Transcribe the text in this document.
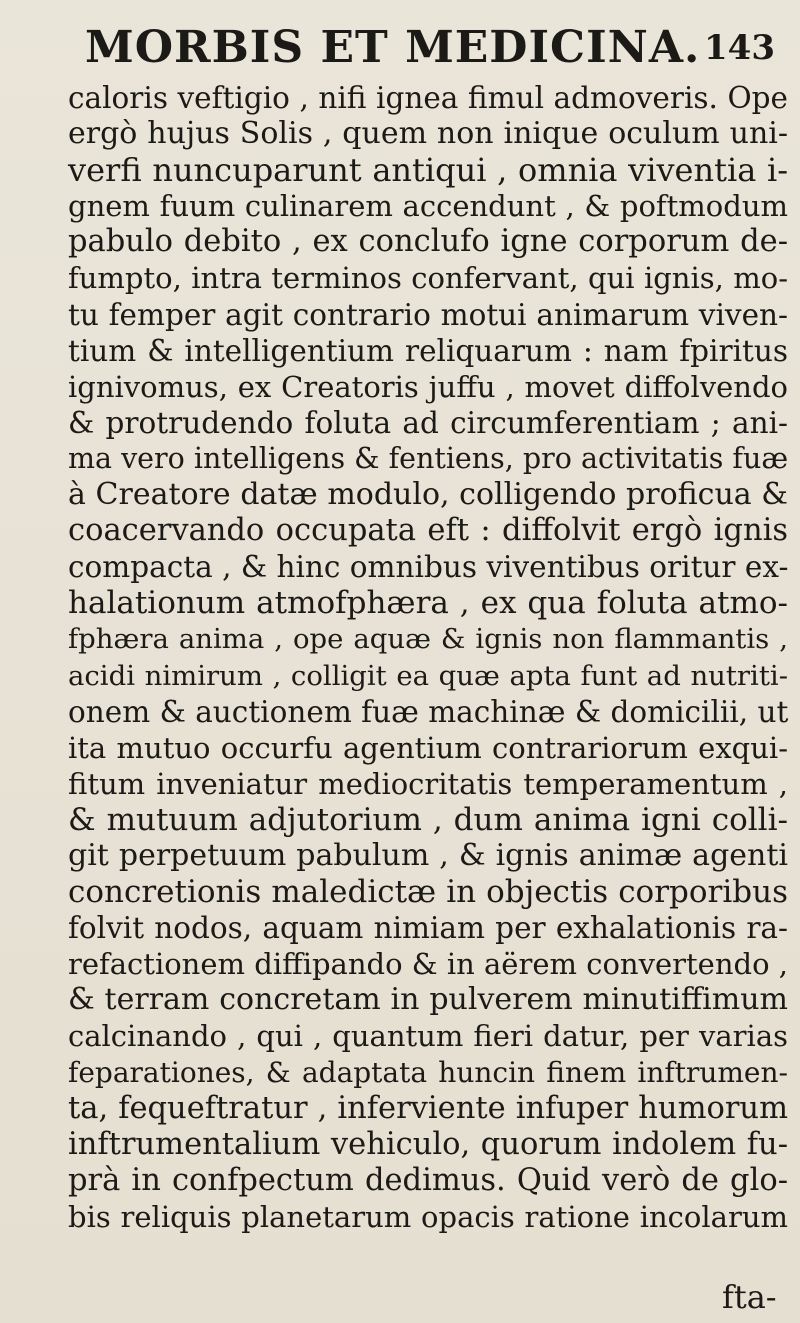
MORBIS ET MEDICINA. 143
caloris veftigio , nifi ignea fimul admoveris. Ope
ergò hujus Solis , quem non inique oculum uni-
verfi nuncuparunt antiqui , omnia viventia i-
gnem fuum culinarem accendunt , & poftmodum
pabulo debito , ex conclufo igne corporum de-
fumpto, intra terminos confervant, qui ignis, mo-
tu femper agit contrario motui animarum viven-
tium & intelligentium reliquarum : nam fpiritus
ignivomus, ex Creatoris juffu , movet diffolvendo
& protrudendo foluta ad circumferentiam ; ani-
ma vero intelligens & fentiens, pro activitatis fuæ
à Creatore datæ modulo, colligendo proficua &
coacervando occupata eft : diffolvit ergò ignis
compacta , & hinc omnibus viventibus oritur ex-
halationum atmofphæra , ex qua foluta atmo-
fphæra anima , ope aquæ & ignis non flammantis ,
acidi nimirum , colligit ea quæ apta funt ad nutriti-
onem & auctionem fuæ machinæ & domicilii, ut
ita mutuo occurfu agentium contrariorum exqui-
fitum inveniatur mediocritatis temperamentum ,
& mutuum adjutorium , dum anima igni colli-
git perpetuum pabulum , & ignis animæ agenti
concretionis maledictæ in objectis corporibus
folvit nodos, aquam nimiam per exhalationis ra-
refactionem diffipando & in aërem convertendo ,
& terram concretam in pulverem minutiffimum
calcinando , qui , quantum fieri datur, per varias
feparationes, & adaptata huncin finem inftrumen-
ta, fequeftratur , inferviente infuper humorum
inftrumentalium vehiculo, quorum indolem fu-
prà in confpectum dedimus. Quid verò de glo-
bis reliquis planetarum opacis ratione incolarum
fta-
